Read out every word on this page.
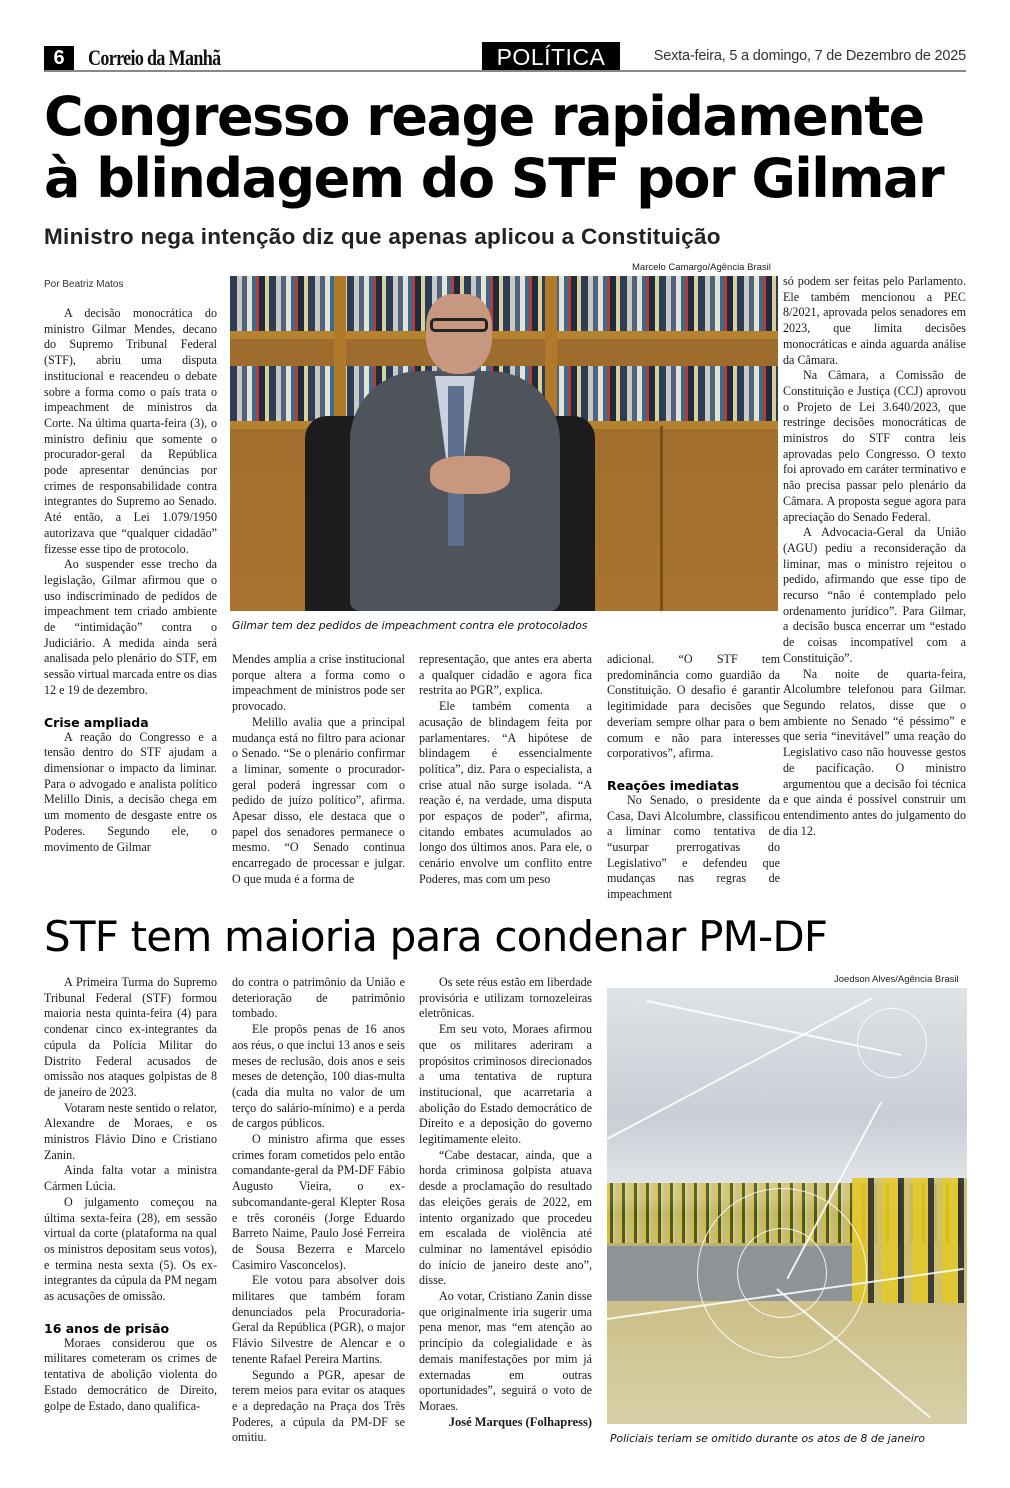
6	Correio da Manhã	POLÍTICA	Sexta-feira, 5 a domingo, 7 de Dezembro de 2025
Congresso reage rapidamente
à blindagem do STF por Gilmar
Ministro nega intenção diz que apenas aplicou a Constituição
Por Beatriz Matos
Marcelo Camargo/Agência Brasil
Gilmar tem dez pedidos de impeachment contra ele protocolados

A decisão monocrática do ministro Gilmar Mendes, decano do Supremo Tribunal Federal (STF), abriu uma disputa institucional e reacendeu o debate sobre a forma como o país trata o impeachment de ministros da Corte. Na última quarta-feira (3), o ministro definiu que somente o procurador-geral da República pode apresentar denúncias por crimes de responsabilidade contra integrantes do Supremo ao Senado. Até então, a Lei 1.079/1950 autorizava que “qualquer cidadão” fizesse esse tipo de protocolo.

Ao suspender esse trecho da legislação, Gilmar afirmou que o uso indiscriminado de pedidos de impeachment tem criado ambiente de “intimidação” contra o Judiciário. A medida ainda será analisada pelo plenário do STF, em sessão virtual marcada entre os dias 12 e 19 de dezembro.

Crise ampliada

A reação do Congresso e a tensão dentro do STF ajudam a dimensionar o impacto da liminar. Para o advogado e analista político Melillo Dinis, a decisão chega em um momento de desgaste entre os Poderes. Segundo ele, o movimento de Gilmar

Mendes amplia a crise institucional porque altera a forma como o impeachment de ministros pode ser provocado.

Melillo avalia que a principal mudança está no filtro para acionar o Senado. “Se o plenário confirmar a liminar, somente o procurador-geral poderá ingressar com o pedido de juízo político”, afirma. Apesar disso, ele destaca que o papel dos senadores permanece o mesmo. “O Senado continua encarregado de processar e julgar. O que muda é a forma de

representação, que antes era aberta a qualquer cidadão e agora fica restrita ao PGR”, explica.

Ele também comenta a acusação de blindagem feita por parlamentares. “A hipótese de blindagem é essencialmente política”, diz. Para o especialista, a crise atual não surge isolada. “A reação é, na verdade, uma disputa por espaços de poder”, afirma, citando embates acumulados ao longo dos últimos anos. Para ele, o cenário envolve um conflito entre Poderes, mas com um peso

adicional. “O STF tem predominância como guardião da Constituição. O desafio é garantir legitimidade para decisões que deveriam sempre olhar para o bem comum e não para interesses corporativos”, afirma.

Reações imediatas

No Senado, o presidente da Casa, Davi Alcolumbre, classificou a liminar como tentativa de “usurpar prerrogativas do Legislativo” e defendeu que mudanças nas regras de impeachment

só podem ser feitas pelo Parlamento. Ele também mencionou a PEC 8/2021, aprovada pelos senadores em 2023, que limita decisões monocráticas e ainda aguarda análise da Câmara.

Na Câmara, a Comissão de Constituição e Justiça (CCJ) aprovou o Projeto de Lei 3.640/2023, que restringe decisões monocráticas de ministros do STF contra leis aprovadas pelo Congresso. O texto foi aprovado em caráter terminativo e não precisa passar pelo plenário da Câmara. A proposta segue agora para apreciação do Senado Federal.

A Advocacia-Geral da União (AGU) pediu a reconsideração da liminar, mas o ministro rejeitou o pedido, afirmando que esse tipo de recurso “não é contemplado pelo ordenamento jurídico”. Para Gilmar, a decisão busca encerrar um “estado de coisas incompatível com a Constituição”.

Na noite de quarta-feira, Alcolumbre telefonou para Gilmar. Segundo relatos, disse que o ambiente no Senado “é péssimo” e que seria “inevitável” uma reação do Legislativo caso não houvesse gestos de pacificação. O ministro argumentou que a decisão foi técnica e que ainda é possível construir um entendimento antes do julgamento do dia 12.

STF tem maioria para condenar PM-DF

A Primeira Turma do Supremo Tribunal Federal (STF) formou maioria nesta quinta-feira (4) para condenar cinco ex-integrantes da cúpula da Polícia Militar do Distrito Federal acusados de omissão nos ataques golpistas de 8 de janeiro de 2023.

Votaram neste sentido o relator, Alexandre de Moraes, e os ministros Flávio Dino e Cristiano Zanin.

Ainda falta votar a ministra Cármen Lúcia.

O julgamento começou na última sexta-feira (28), em sessão virtual da corte (plataforma na qual os ministros depositam seus votos), e termina nesta sexta (5). Os ex-integrantes da cúpula da PM negam as acusações de omissão.

16 anos de prisão

Moraes considerou que os militares cometeram os crimes de tentativa de abolição violenta do Estado democrático de Direito, golpe de Estado, dano qualifica-

do contra o patrimônio da União e deterioração de patrimônio tombado.

Ele propôs penas de 16 anos aos réus, o que inclui 13 anos e seis meses de reclusão, dois anos e seis meses de detenção, 100 dias-multa (cada dia multa no valor de um terço do salário-mínimo) e a perda de cargos públicos.

O ministro afirma que esses crimes foram cometidos pelo então comandante-geral da PM-DF Fábio Augusto Vieira, o ex-subcomandante-geral Klepter Rosa e três coronéis (Jorge Eduardo Barreto Naime, Paulo José Ferreira de Sousa Bezerra e Marcelo Casimiro Vasconcelos).

Ele votou para absolver dois militares que também foram denunciados pela Procuradoria-Geral da República (PGR), o major Flávio Silvestre de Alencar e o tenente Rafael Pereira Martins.

Segundo a PGR, apesar de terem meios para evitar os ataques e a depredação na Praça dos Três Poderes, a cúpula da PM-DF se omitiu.

Os sete réus estão em liberdade provisória e utilizam tornozeleiras eletrônicas.

Em seu voto, Moraes afirmou que os militares aderiram a propósitos criminosos direcionados a uma tentativa de ruptura institucional, que acarretaria a abolição do Estado democrático de Direito e a deposição do governo legitimamente eleito.

“Cabe destacar, ainda, que a horda criminosa golpista atuava desde a proclamação do resultado das eleições gerais de 2022, em intento organizado que procedeu em escalada de violência até culminar no lamentável episódio do início de janeiro deste ano”, disse.

Ao votar, Cristiano Zanin disse que originalmente iria sugerir uma pena menor, mas “em atenção ao princípio da colegialidade e às demais manifestações por mim já externadas em outras oportunidades”, seguirá o voto de Moraes.

José Marques (Folhapress)

Joedson Alves/Agência Brasil
Policiais teriam se omitido durante os atos de 8 de janeiro
